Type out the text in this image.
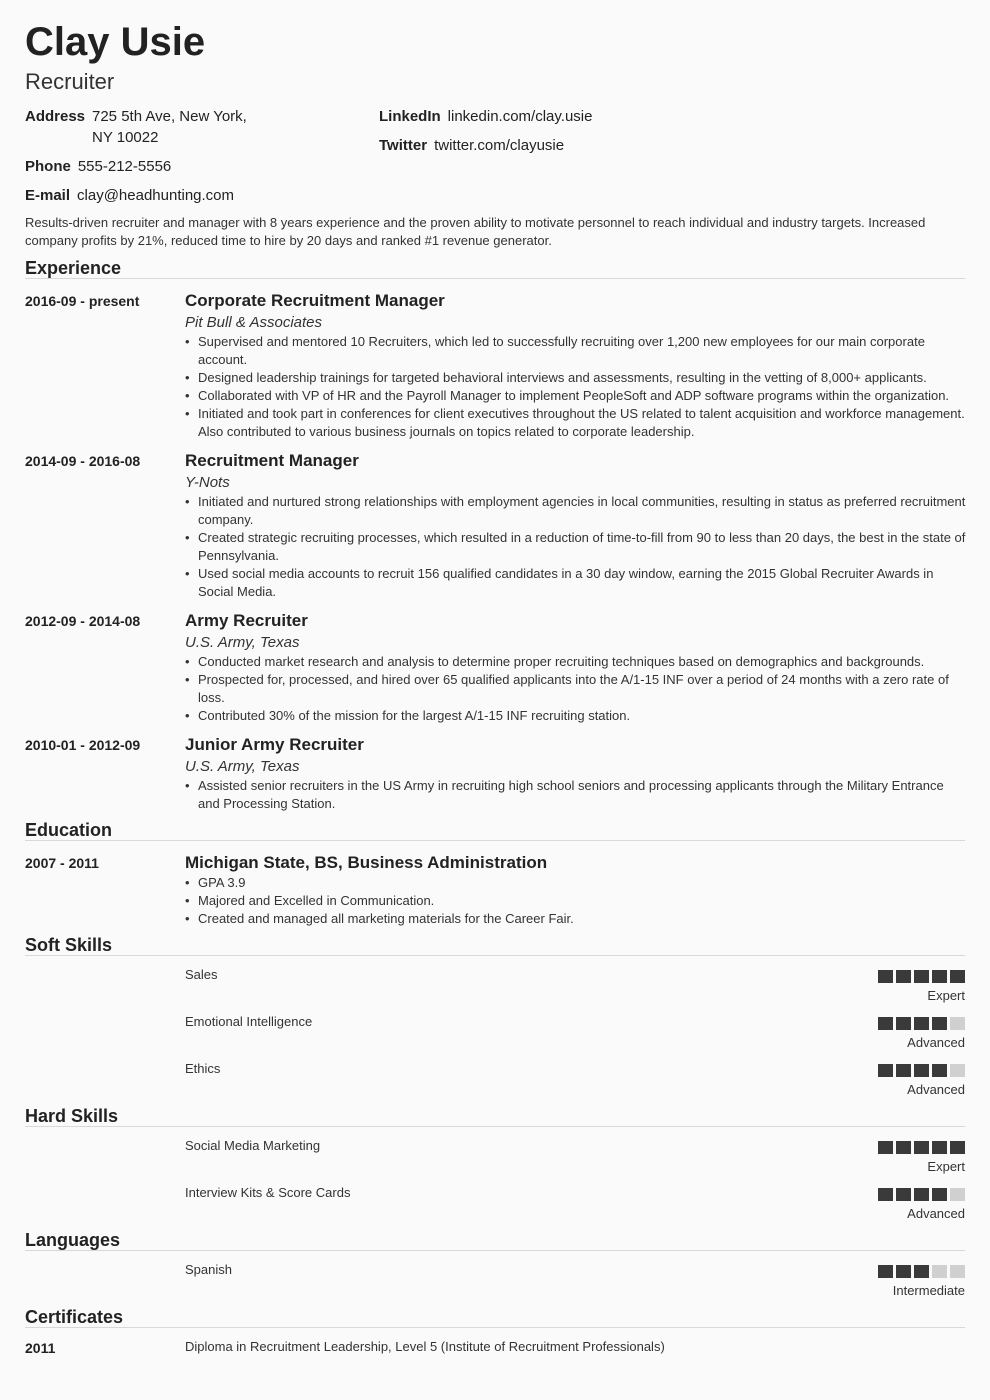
Clay Usie
Recruiter
Address 725 5th Ave, New York,
NY 10022
Phone 555-212-5556
E-mail clay@headhunting.com
LinkedIn linkedin.com/clay.usie
Twitter twitter.com/clayusie
Results-driven recruiter and manager with 8 years experience and the proven ability to motivate personnel to reach individual and industry targets. Increased company profits by 21%, reduced time to hire by 20 days and ranked #1 revenue generator.
Experience
2016-09 - present	Corporate Recruitment Manager
Pit Bull & Associates
• Supervised and mentored 10 Recruiters, which led to successfully recruiting over 1,200 new employees for our main corporate account.
• Designed leadership trainings for targeted behavioral interviews and assessments, resulting in the vetting of 8,000+ applicants.
• Collaborated with VP of HR and the Payroll Manager to implement PeopleSoft and ADP software programs within the organization.
• Initiated and took part in conferences for client executives throughout the US related to talent acquisition and workforce management. Also contributed to various business journals on topics related to corporate leadership.
2014-09 - 2016-08	Recruitment Manager
Y-Nots
• Initiated and nurtured strong relationships with employment agencies in local communities, resulting in status as preferred recruitment company.
• Created strategic recruiting processes, which resulted in a reduction of time-to-fill from 90 to less than 20 days, the best in the state of Pennsylvania.
• Used social media accounts to recruit 156 qualified candidates in a 30 day window, earning the 2015 Global Recruiter Awards in Social Media.
2012-09 - 2014-08	Army Recruiter
U.S. Army, Texas
• Conducted market research and analysis to determine proper recruiting techniques based on demographics and backgrounds.
• Prospected for, processed, and hired over 65 qualified applicants into the A/1-15 INF over a period of 24 months with a zero rate of loss.
• Contributed 30% of the mission for the largest A/1-15 INF recruiting station.
2010-01 - 2012-09	Junior Army Recruiter
U.S. Army, Texas
• Assisted senior recruiters in the US Army in recruiting high school seniors and processing applicants through the Military Entrance and Processing Station.
Education
2007 - 2011	Michigan State, BS, Business Administration
• GPA 3.9
• Majored and Excelled in Communication.
• Created and managed all marketing materials for the Career Fair.
Soft Skills
Sales
Expert
Emotional Intelligence
Advanced
Ethics
Advanced
Hard Skills
Social Media Marketing
Expert
Interview Kits & Score Cards
Advanced
Languages
Spanish
Intermediate
Certificates
2011	Diploma in Recruitment Leadership, Level 5 (Institute of Recruitment Professionals)
